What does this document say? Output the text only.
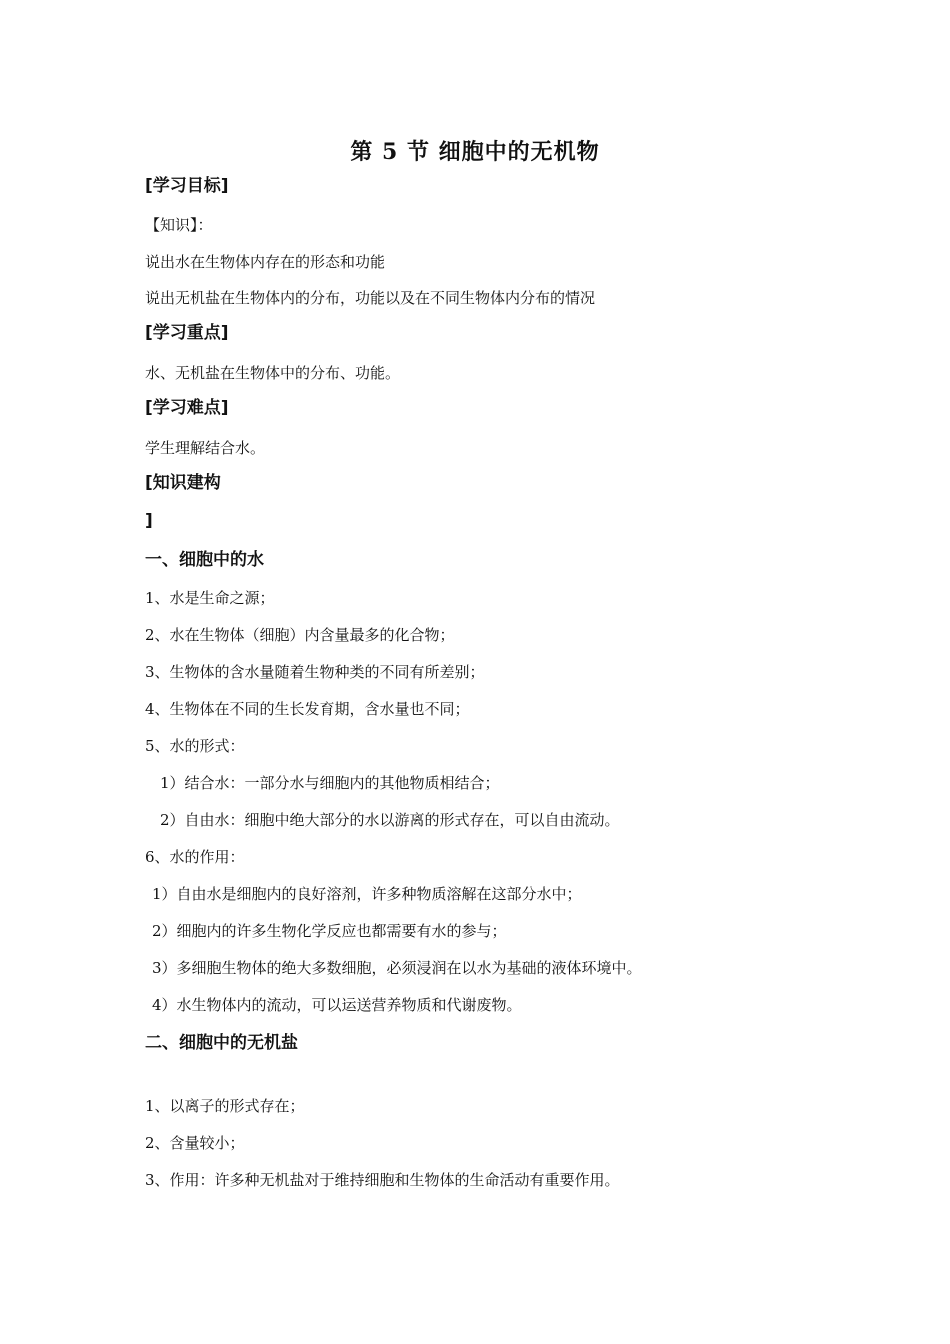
第 5 节 细胞中的无机物
[学习目标]
【知识】：
说出水在生物体内存在的形态和功能
说出无机盐在生物体内的分布，功能以及在不同生物体内分布的情况
[学习重点]
水、无机盐在生物体中的分布、功能。
[学习难点]
学生理解结合水。
[知识建构
]
一、细胞中的水
1、水是生命之源；
2、水在生物体（细胞）内含量最多的化合物；
3、生物体的含水量随着生物种类的不同有所差别；
4、生物体在不同的生长发育期，含水量也不同；
5、水的形式：
1）结合水：一部分水与细胞内的其他物质相结合；
2）自由水：细胞中绝大部分的水以游离的形式存在，可以自由流动。
6、水的作用：
1）自由水是细胞内的良好溶剂，许多种物质溶解在这部分水中；
2）细胞内的许多生物化学反应也都需要有水的参与；
3）多细胞生物体的绝大多数细胞，必须浸润在以水为基础的液体环境中。
4）水生物体内的流动，可以运送营养物质和代谢废物。
二、细胞中的无机盐
1、以离子的形式存在；
2、含量较小；
3、作用：许多种无机盐对于维持细胞和生物体的生命活动有重要作用。
